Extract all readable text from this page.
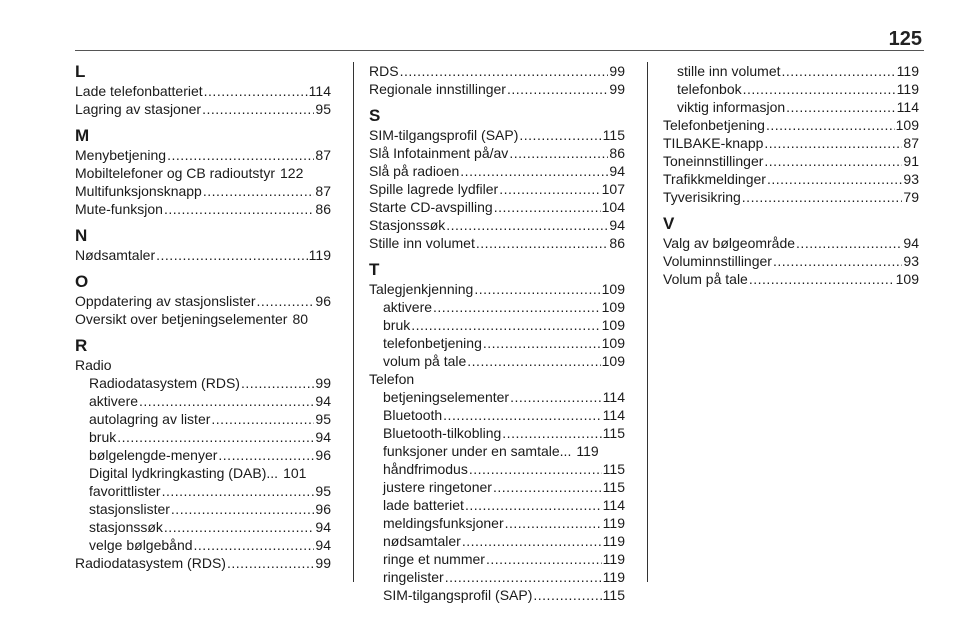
125
L
Lade telefonbatteriet .....	114
Lagring av stasjoner .....	95
M
Menybetjening .....	87
Mobiltelefoner og CB radioutstyr 122
Multifunksjonsknapp .....	87
Mute-funksjon .....	86
N
Nødsamtaler .....	119
O
Oppdatering av stasjonslister .....	96
Oversikt over betjeningselementer 80
R
Radio
Radiodatasystem (RDS) .....	99
aktivere .....	94
autolagring av lister .....	95
bruk .....	94
bølgelengde-menyer .....	96
Digital lydkringkasting (DAB)... 101
favorittlister .....	95
stasjonslister .....	96
stasjonssøk .....	94
velge bølgebånd .....	94
Radiodatasystem (RDS) .....	99
RDS .....	99
Regionale innstillinger .....	99
S
SIM-tilgangsprofil (SAP) .....	115
Slå Infotainment på/av .....	86
Slå på radioen .....	94
Spille lagrede lydfiler .....	107
Starte CD-avspilling .....	104
Stasjonssøk .....	94
Stille inn volumet .....	86
T
Talegjenkjenning .....	109
aktivere .....	109
bruk .....	109
telefonbetjening .....	109
volum på tale .....	109
Telefon
betjeningselementer .....	114
Bluetooth .....	114
Bluetooth-tilkobling .....	115
funksjoner under en samtale... 119
håndfrimodus .....	115
justere ringetoner .....	115
lade batteriet .....	114
meldingsfunksjoner .....	119
nødsamtaler .....	119
ringe et nummer .....	119
ringelister .....	119
SIM-tilgangsprofil (SAP) .....	115
stille inn volumet .....	119
telefonbok .....	119
viktig informasjon .....	114
Telefonbetjening .....	109
TILBAKE-knapp .....	87
Toneinnstillinger .....	91
Trafikkmeldinger .....	93
Tyverisikring .....	79
V
Valg av bølgeområde .....	94
Voluminnstillinger .....	93
Volum på tale .....	109
